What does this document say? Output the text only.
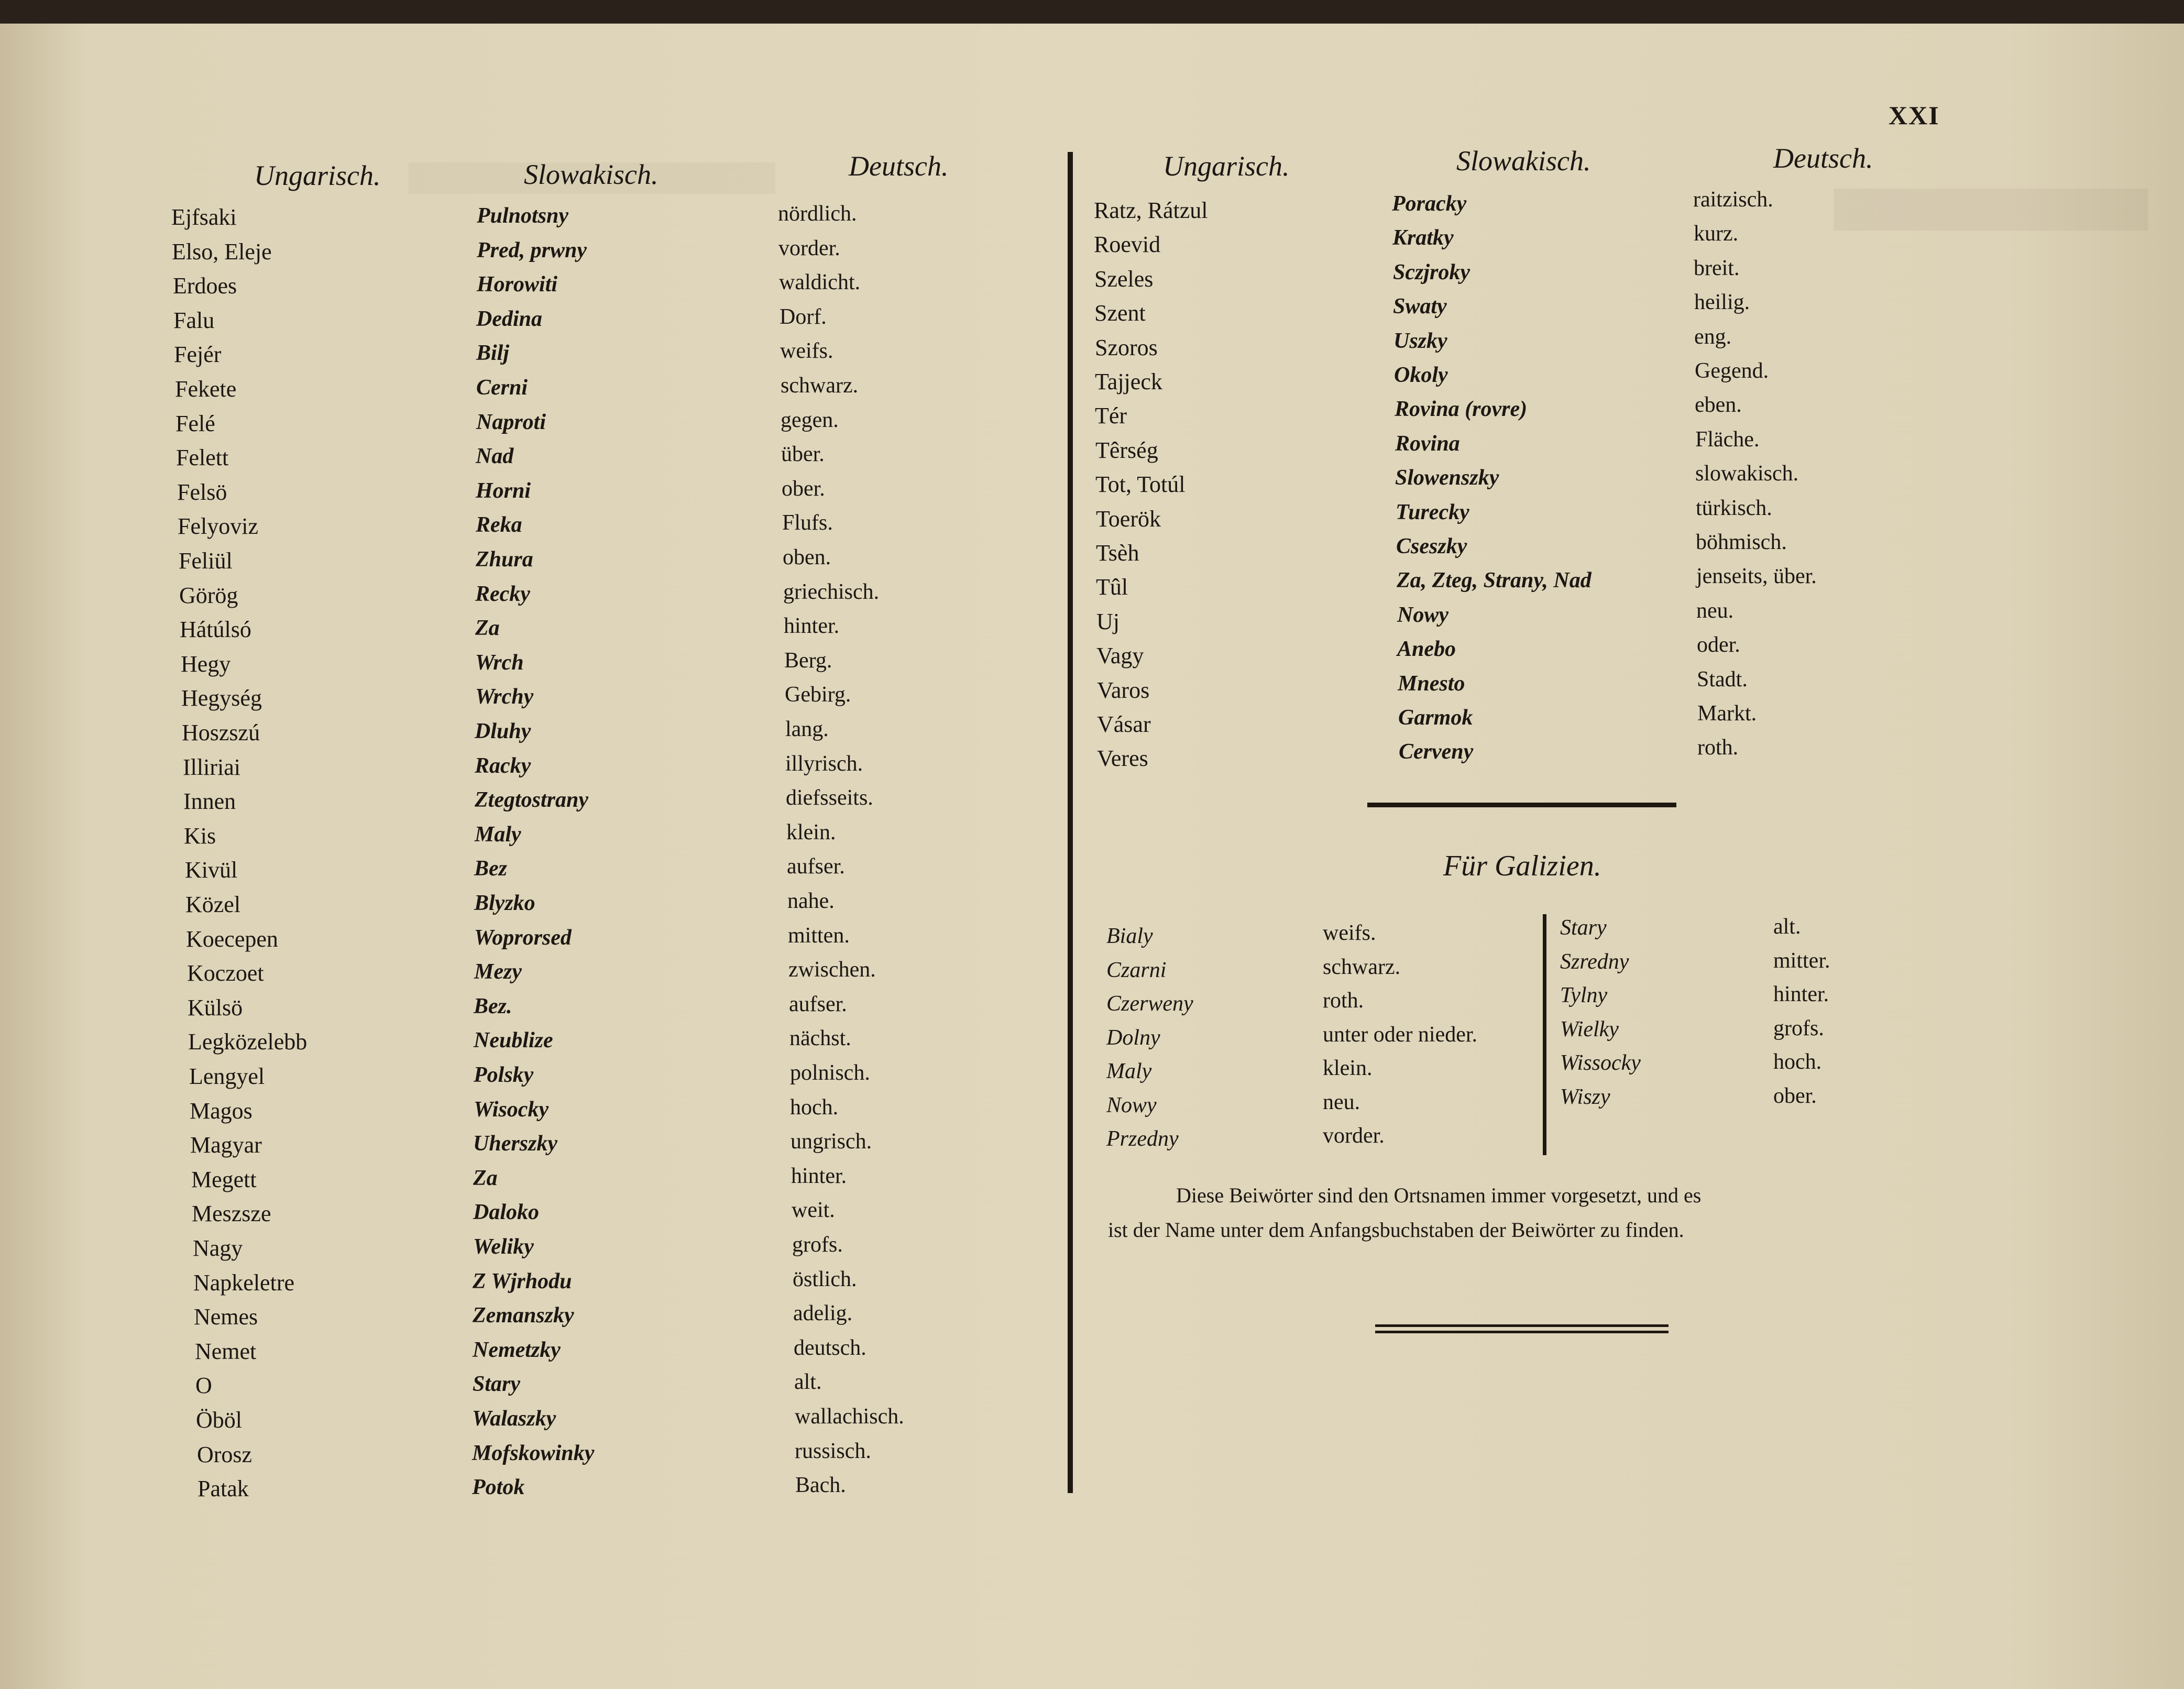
XXI
Ungarisch.	Slowakisch.	Deutsch.
Ejfsaki	Pulnotsny	nördlich.
Elso, Eleje	Pred, prwny	vorder.
Erdoes	Horowiti	waldicht.
Falu	Dedina	Dorf.
Fejér	Bilj	weifs.
Fekete	Cerni	schwarz.
Felé	Naproti	gegen.
Felett	Nad	über.
Felsö	Horni	ober.
Felyoviz	Reka	Flufs.
Feliül	Zhura	oben.
Görög	Recky	griechisch.
Hátúlsó	Za	hinter.
Hegy	Wrch	Berg.
Hegység	Wrchy	Gebirg.
Hoszszú	Dluhy	lang.
Illiriai	Racky	illyrisch.
Innen	Ztegtostrany	diefsseits.
Kis	Maly	klein.
Kivül	Bez	aufser.
Közel	Blyzko	nahe.
Koecepen	Woprorsed	mitten.
Koczoet	Mezy	zwischen.
Külsö	Bez.	aufser.
Legközelebb	Neublize	nächst.
Lengyel	Polsky	polnisch.
Magos	Wisocky	hoch.
Magyar	Uherszky	ungrisch.
Megett	Za	hinter.
Meszsze	Daloko	weit.
Nagy	Weliky	grofs.
Napkeletre	Z Wjrhodu	östlich.
Nemes	Zemanszky	adelig.
Nemet	Nemetzky	deutsch.
O	Stary	alt.
Öböl	Walaszky	wallachisch.
Orosz	Mofskowinky	russisch.
Patak	Potok	Bach.
Ungarisch.	Slowakisch.	Deutsch.
Ratz, Rátzul	Poracky	raitzisch.
Roevid	Kratky	kurz.
Szeles	Sczjroky	breit.
Szent	Swaty	heilig.
Szoros	Uszky	eng.
Tajjeck	Okoly	Gegend.
Tér	Rovina (rovre)	eben.
Têrség	Rovina	Fläche.
Tot, Totúl	Slowenszky	slowakisch.
Toerök	Turecky	türkisch.
Tsèh	Cseszky	böhmisch.
Tûl	Za, Zteg, Strany, Nad	jenseits, über.
Uj	Nowy	neu.
Vagy	Anebo	oder.
Varos	Mnesto	Stadt.
Vásar	Garmok	Markt.
Veres	Cerveny	roth.
Für Galizien.
Bialy	weifs.
Czarni	schwarz.
Czerweny	roth.
Dolny	unter oder nieder.
Maly	klein.
Nowy	neu.
Przedny	vorder.
Stary	alt.
Szredny	mitter.
Tylny	hinter.
Wielky	grofs.
Wissocky	hoch.
Wiszy	ober.
Diese Beiwörter sind den Ortsnamen immer vorgesetzt, und es
ist der Name unter dem Anfangsbuchstaben der Beiwörter zu finden.
